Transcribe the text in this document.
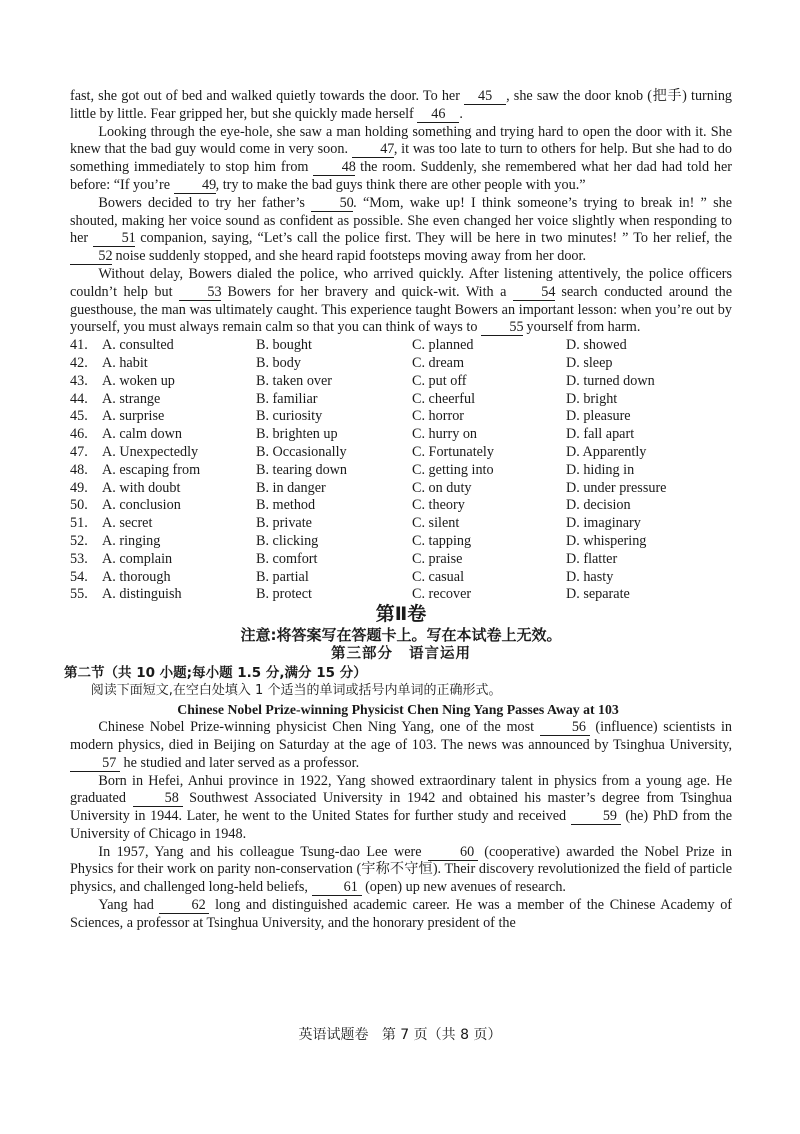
fast, she got out of bed and walked quietly towards the door. To her 45 , she saw the door knob (把手) turning little by little. Fear gripped her, but she quickly made herself 46 .

Looking through the eye-hole, she saw a man holding something and trying hard to open the door with it. She knew that the bad guy would come in very soon. 47, it was too late to turn to others for help. But she had to do something immediately to stop him from 48 the room. Suddenly, she remembered what her dad had told her before: “If you’re 49, try to make the bad guys think there are other people with you.”

Bowers decided to try her father’s 50. “Mom, wake up! I think someone’s trying to break in! ” she shouted, making her voice sound as confident as possible. She even changed her voice slightly when responding to her 51 companion, saying, “Let’s call the police first. They will be here in two minutes! ” To her relief, the 52 noise suddenly stopped, and she heard rapid footsteps moving away from her door.

Without delay, Bowers dialed the police, who arrived quickly. After listening attentively, the police officers couldn’t help but 53 Bowers for her bravery and quick-wit. With a 54 search conducted around the guesthouse, the man was ultimately caught. This experience taught Bowers an important lesson: when you’re out by yourself, you must always remain calm so that you can think of ways to 55 yourself from harm.

41.	A. consulted	B. bought	C. planned	D. showed
42.	A. habit	B. body	C. dream	D. sleep
43.	A. woken up	B. taken over	C. put off	D. turned down
44.	A. strange	B. familiar	C. cheerful	D. bright
45.	A. surprise	B. curiosity	C. horror	D. pleasure
46.	A. calm down	B. brighten up	C. hurry on	D. fall apart
47.	A. Unexpectedly	B. Occasionally	C. Fortunately	D. Apparently
48.	A. escaping from	B. tearing down	C. getting into	D. hiding in
49.	A. with doubt	B. in danger	C. on duty	D. under pressure
50.	A. conclusion	B. method	C. theory	D. decision
51.	A. secret	B. private	C. silent	D. imaginary
52.	A. ringing	B. clicking	C. tapping	D. whispering
53.	A. complain	B. comfort	C. praise	D. flatter
54.	A. thorough	B. partial	C. casual	D. hasty
55.	A. distinguish	B. protect	C. recover	D. separate
第Ⅱ卷
注意:将答案写在答题卡上。写在本试卷上无效。
第三部分 语言运用
第二节（共 10 小题;每小题 1.5 分,满分 15 分）
阅读下面短文,在空白处填入 1 个适当的单词或括号内单词的正确形式。
Chinese Nobel Prize-winning Physicist Chen Ning Yang Passes Away at 103

Chinese Nobel Prize-winning physicist Chen Ning Yang, one of the most	56 (influence) scientists in modern physics, died in Beijing on Saturday at the age of 103. The news was announced by Tsinghua University, 57 he studied and later served as a professor.

Born in Hefei, Anhui province in 1922, Yang showed extraordinary talent in physics from a young age. He graduated	58 Southwest Associated University in 1942 and obtained his master’s degree from Tsinghua University in 1944. Later, he went to the United States for further study and received	59 (he) PhD from the University of Chicago in 1948.

In 1957, Yang and his colleague Tsung-dao Lee were	60 (cooperative) awarded the Nobel Prize in Physics for their work on parity non-conservation (宇称不守恒). Their discovery revolutionized the field of particle physics, and challenged long-held beliefs,	61 (open) up new avenues of research.

Yang had	62 long and distinguished academic career. He was a member of the Chinese Academy of Sciences, a professor at Tsinghua University, and the honorary president of the

英语试题卷 第 7 页（共 8 页）
